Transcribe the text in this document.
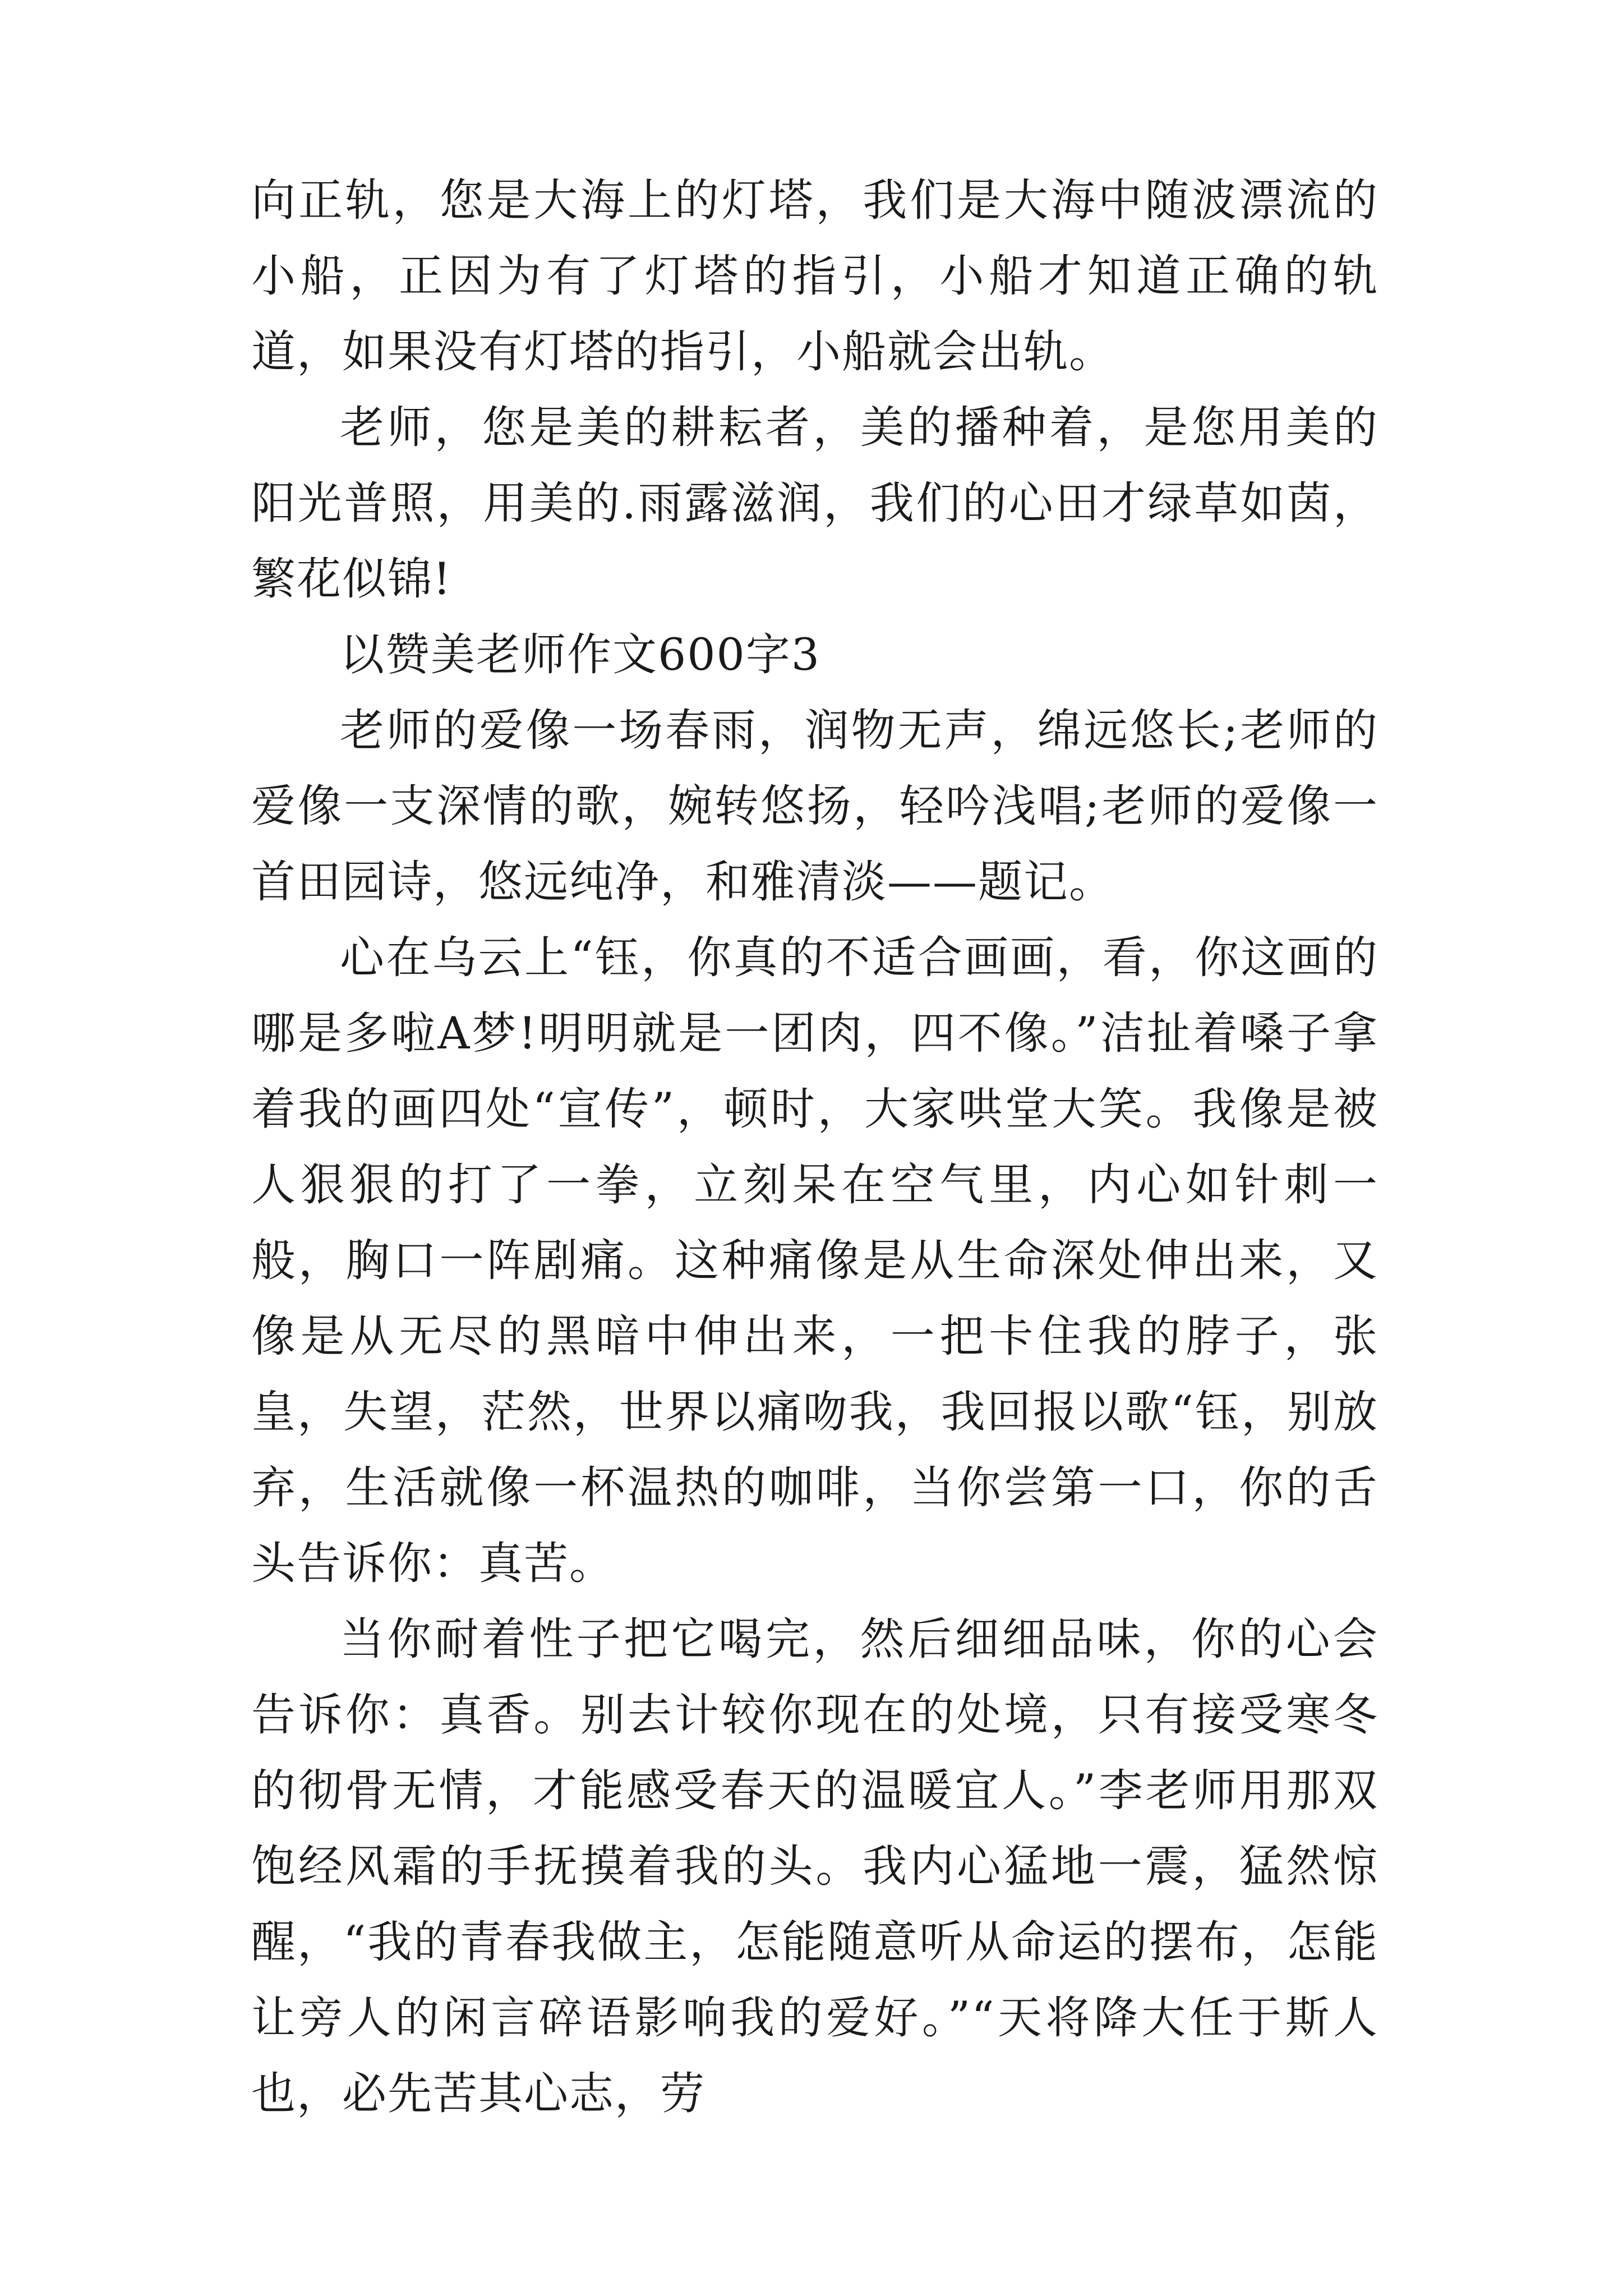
向正轨，您是大海上的灯塔，我们是大海中随波漂流的小船，正因为有了灯塔的指引，小船才知道正确的轨道，如果没有灯塔的指引，小船就会出轨。

老师，您是美的耕耘者，美的播种着，是您用美的阳光普照，用美的.雨露滋润，我们的心田才绿草如茵，繁花似锦!

以赞美老师作文600字3

老师的爱像一场春雨，润物无声，绵远悠长;老师的爱像一支深情的歌，婉转悠扬，轻吟浅唱;老师的爱像一首田园诗，悠远纯净，和雅清淡——题记。

心在乌云上“钰，你真的不适合画画，看，你这画的哪是多啦A梦!明明就是一团肉，四不像。”洁扯着嗓子拿着我的画四处“宣传”，顿时，大家哄堂大笑。我像是被人狠狠的打了一拳，立刻呆在空气里，内心如针刺一般，胸口一阵剧痛。这种痛像是从生命深处伸出来，又像是从无尽的黑暗中伸出来，一把卡住我的脖子，张皇，失望，茫然，世界以痛吻我，我回报以歌“钰，别放弃，生活就像一杯温热的咖啡，当你尝第一口，你的舌头告诉你：真苦。

当你耐着性子把它喝完，然后细细品味，你的心会告诉你：真香。别去计较你现在的处境，只有接受寒冬的彻骨无情，才能感受春天的温暖宜人。”李老师用那双饱经风霜的手抚摸着我的头。我内心猛地一震，猛然惊醒，“我的青春我做主，怎能随意听从命运的摆布，怎能让旁人的闲言碎语影响我的爱好。”“天将降大任于斯人也，必先苦其心志，劳
